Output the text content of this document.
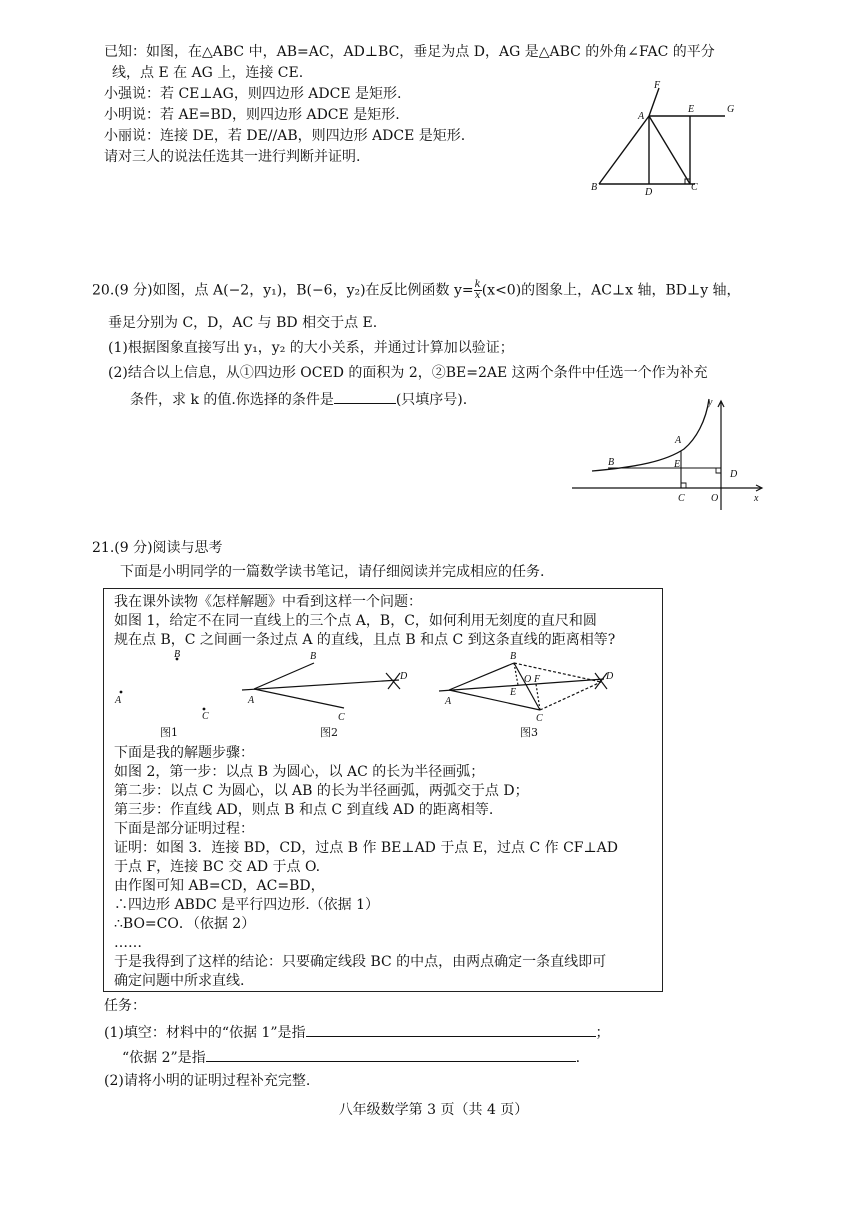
已知：如图，在△ABC 中，AB=AC，AD⊥BC，垂足为点 D，AG 是△ABC 的外角∠FAC 的平分
线，点 E 在 AG 上，连接 CE.
小强说：若 CE⊥AG，则四边形 ADCE 是矩形.
小明说：若 AE=BD，则四边形 ADCE 是矩形.
小丽说：连接 DE，若 DE//AB，则四边形 ADCE 是矩形.
请对三人的说法任选其一进行判断并证明.
F
A
E	G
B	D	C
20.(9 分)如图，点 A(−2，y₁)，B(−6，y₂)在反比例函数 $y= \frac{k}{x} (x<0)$的图象上，AC⊥x 轴，BD⊥y 轴，
垂足分别为 C，D，AC 与 BD 相交于点 E.
(1)根据图象直接写出 y₁，y₂ 的大小关系，并通过计算加以验证；
(2)结合以上信息，从①四边形 OCED 的面积为 2，②BE=2AE 这两个条件中任选一个作为补充
条件，求 k 的值.你选择的条件是	(只填序号).	y
A
B	E
D
C	O	x
21.(9 分)阅读与思考
下面是小明同学的一篇数学读书笔记，请仔细阅读并完成相应的任务.
我在课外读物《怎样解题》中看到这样一个问题：
如图 1，给定不在同一直线上的三个点 A，B，C，如何利用无刻度的直尺和圆
规在点 B，C 之间画一条过点 A 的直线，且点 B 和点 C 到这条直线的距离相等?
B
A
C
B
A
C
D
B
A
O F
E
C
D
图1	图2	图3
下面是我的解题步骤：
如图 2，第一步：以点 B 为圆心，以 AC 的长为半径画弧；
第二步：以点 C 为圆心，以 AB 的长为半径画弧，两弧交于点 D；
第三步：作直线 AD，则点 B 和点 C 到直线 AD 的距离相等.
下面是部分证明过程：
证明：如图 3．连接 BD，CD，过点 B 作 BE⊥AD 于点 E，过点 C 作 CF⊥AD
于点 F，连接 BC 交 AD 于点 O.
由作图可知 AB=CD，AC=BD，
∴四边形 ABDC 是平行四边形.（依据 1）
∴BO=CO．（依据 2）
……
于是我得到了这样的结论：只要确定线段 BC 的中点，由两点确定一条直线即可
确定问题中所求直线.
任务：
(1)填空：材料中的“依据 1”是指	；
“依据 2”是指	.
(2)请将小明的证明过程补充完整.
八年级数学第 3 页（共 4 页）
